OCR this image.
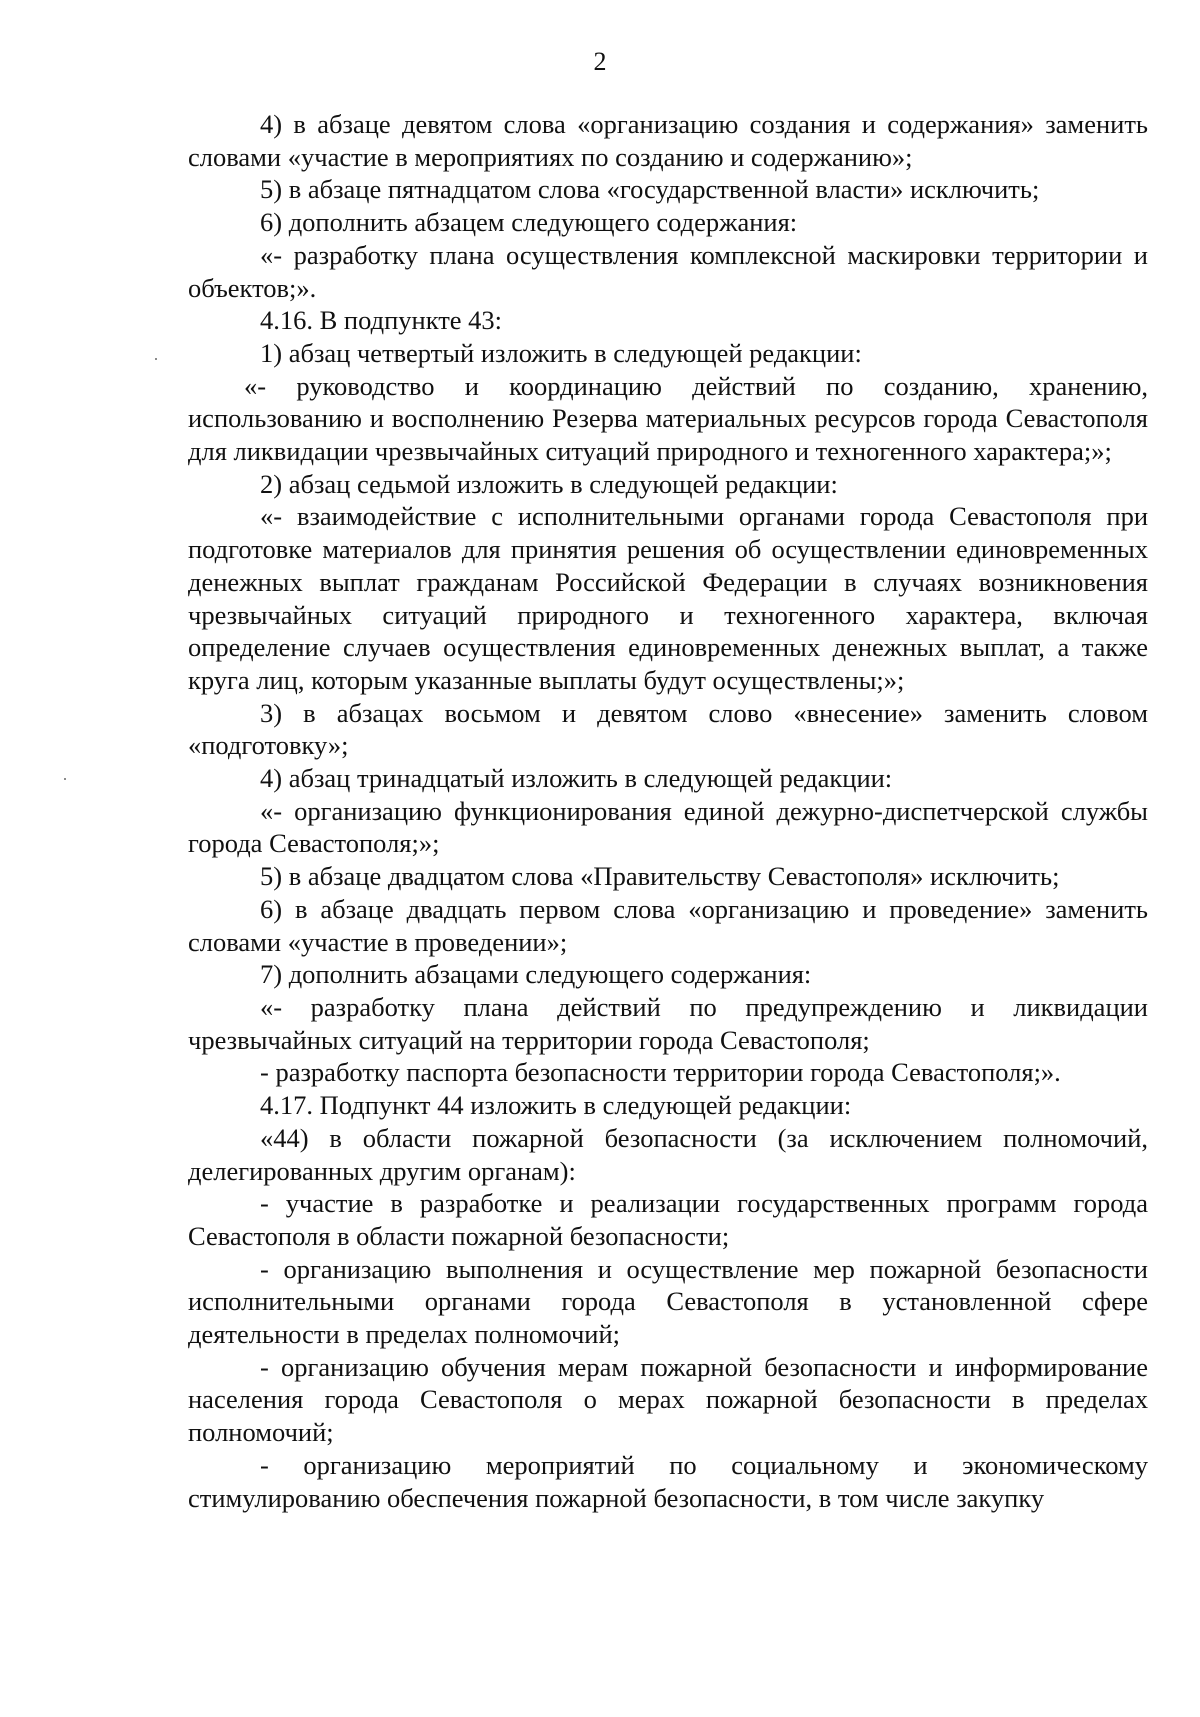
2

4) в абзаце девятом слова «организацию создания и содержания» заменить словами «участие в мероприятиях по созданию и содержанию»;

5) в абзаце пятнадцатом слова «государственной власти» исключить;

6) дополнить абзацем следующего содержания:

«- разработку плана осуществления комплексной маскировки территории и объектов;».

4.16. В подпункте 43:

1) абзац четвертый изложить в следующей редакции:

«- руководство и координацию действий по созданию, хранению, использованию и восполнению Резерва материальных ресурсов города Севастополя для ликвидации чрезвычайных ситуаций природного и техногенного характера;»;

2) абзац седьмой изложить в следующей редакции:

«- взаимодействие с исполнительными органами города Севастополя при подготовке материалов для принятия решения об осуществлении единовременных денежных выплат гражданам Российской Федерации в случаях возникновения чрезвычайных ситуаций природного и техногенного характера, включая определение случаев осуществления единовременных денежных выплат, а также круга лиц, которым указанные выплаты будут осуществлены;»;

3) в абзацах восьмом и девятом слово «внесение» заменить словом «подготовку»;

4) абзац тринадцатый изложить в следующей редакции:

«- организацию функционирования единой дежурно-диспетчерской службы города Севастополя;»;

5) в абзаце двадцатом слова «Правительству Севастополя» исключить;

6) в абзаце двадцать первом слова «организацию и проведение» заменить словами «участие в проведении»;

7) дополнить абзацами следующего содержания:

«- разработку плана действий по предупреждению и ликвидации чрезвычайных ситуаций на территории города Севастополя;

- разработку паспорта безопасности территории города Севастополя;».

4.17. Подпункт 44 изложить в следующей редакции:

«44) в области пожарной безопасности (за исключением полномочий, делегированных другим органам):

- участие в разработке и реализации государственных программ города Севастополя в области пожарной безопасности;

- организацию выполнения и осуществление мер пожарной безопасности исполнительными органами города Севастополя в установленной сфере деятельности в пределах полномочий;

- организацию обучения мерам пожарной безопасности и информирование населения города Севастополя о мерах пожарной безопасности в пределах полномочий;

- организацию мероприятий по социальному и экономическому стимулированию обеспечения пожарной безопасности, в том числе закупку
